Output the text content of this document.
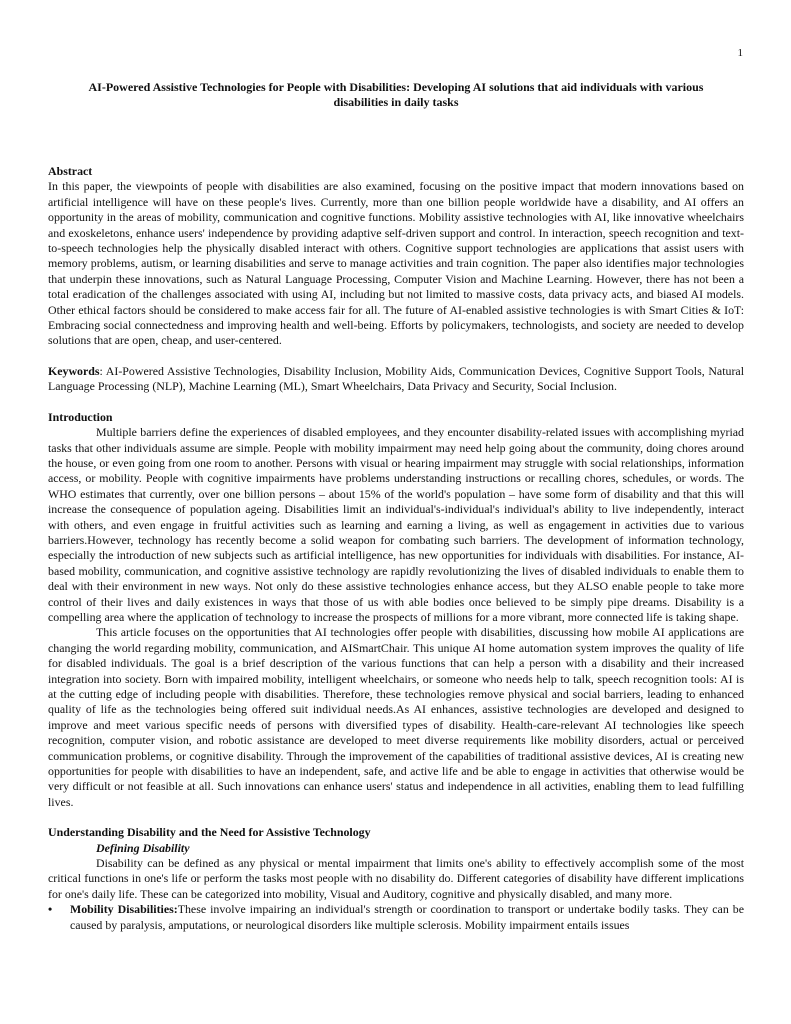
1
AI-Powered Assistive Technologies for People with Disabilities: Developing AI solutions that aid individuals with various disabilities in daily tasks
Abstract

In this paper, the viewpoints of people with disabilities are also examined, focusing on the positive impact that modern innovations based on artificial intelligence will have on these people's lives. Currently, more than one billion people worldwide have a disability, and AI offers an opportunity in the areas of mobility, communication and cognitive functions. Mobility assistive technologies with AI, like innovative wheelchairs and exoskeletons, enhance users' independence by providing adaptive self-driven support and control. In interaction, speech recognition and text-to-speech technologies help the physically disabled interact with others. Cognitive support technologies are applications that assist users with memory problems, autism, or learning disabilities and serve to manage activities and train cognition. The paper also identifies major technologies that underpin these innovations, such as Natural Language Processing, Computer Vision and Machine Learning. However, there has not been a total eradication of the challenges associated with using AI, including but not limited to massive costs, data privacy acts, and biased AI models. Other ethical factors should be considered to make access fair for all. The future of AI-enabled assistive technologies is with Smart Cities & IoT: Embracing social connectedness and improving health and well-being. Efforts by policymakers, technologists, and society are needed to develop solutions that are open, cheap, and user-centered.

Keywords: AI-Powered Assistive Technologies, Disability Inclusion, Mobility Aids, Communication Devices, Cognitive Support Tools, Natural Language Processing (NLP), Machine Learning (ML), Smart Wheelchairs, Data Privacy and Security, Social Inclusion.

Introduction

Multiple barriers define the experiences of disabled employees, and they encounter disability-related issues with accomplishing myriad tasks that other individuals assume are simple. People with mobility impairment may need help going about the community, doing chores around the house, or even going from one room to another. Persons with visual or hearing impairment may struggle with social relationships, information access, or mobility. People with cognitive impairments have problems understanding instructions or recalling chores, schedules, or words. The WHO estimates that currently, over one billion persons – about 15% of the world's population – have some form of disability and that this will increase the consequence of population ageing. Disabilities limit an individual's-individual's individual's ability to live independently, interact with others, and even engage in fruitful activities such as learning and earning a living, as well as engagement in activities due to various barriers.However, technology has recently become a solid weapon for combating such barriers. The development of information technology, especially the introduction of new subjects such as artificial intelligence, has new opportunities for individuals with disabilities. For instance, AI-based mobility, communication, and cognitive assistive technology are rapidly revolutionizing the lives of disabled individuals to enable them to deal with their environment in new ways. Not only do these assistive technologies enhance access, but they ALSO enable people to take more control of their lives and daily existences in ways that those of us with able bodies once believed to be simply pipe dreams. Disability is a compelling area where the application of technology to increase the prospects of millions for a more vibrant, more connected life is taking shape.

This article focuses on the opportunities that AI technologies offer people with disabilities, discussing how mobile AI applications are changing the world regarding mobility, communication, and AISmartChair. This unique AI home automation system improves the quality of life for disabled individuals. The goal is a brief description of the various functions that can help a person with a disability and their increased integration into society. Born with impaired mobility, intelligent wheelchairs, or someone who needs help to talk, speech recognition tools: AI is at the cutting edge of including people with disabilities. Therefore, these technologies remove physical and social barriers, leading to enhanced quality of life as the technologies being offered suit individual needs.As AI enhances, assistive technologies are developed and designed to improve and meet various specific needs of persons with diversified types of disability. Health-care-relevant AI technologies like speech recognition, computer vision, and robotic assistance are developed to meet diverse requirements like mobility disorders, actual or perceived communication problems, or cognitive disability. Through the improvement of the capabilities of traditional assistive devices, AI is creating new opportunities for people with disabilities to have an independent, safe, and active life and be able to engage in activities that otherwise would be very difficult or not feasible at all. Such innovations can enhance users' status and independence in all activities, enabling them to lead fulfilling lives.

Understanding Disability and the Need for Assistive Technology
Defining Disability

Disability can be defined as any physical or mental impairment that limits one's ability to effectively accomplish some of the most critical functions in one's life or perform the tasks most people with no disability do. Different categories of disability have different implications for one's daily life. These can be categorized into mobility, Visual and Auditory, cognitive and physically disabled, and many more.

• Mobility Disabilities:These involve impairing an individual's strength or coordination to transport or undertake bodily tasks. They can be caused by paralysis, amputations, or neurological disorders like multiple sclerosis. Mobility impairment entails issues
